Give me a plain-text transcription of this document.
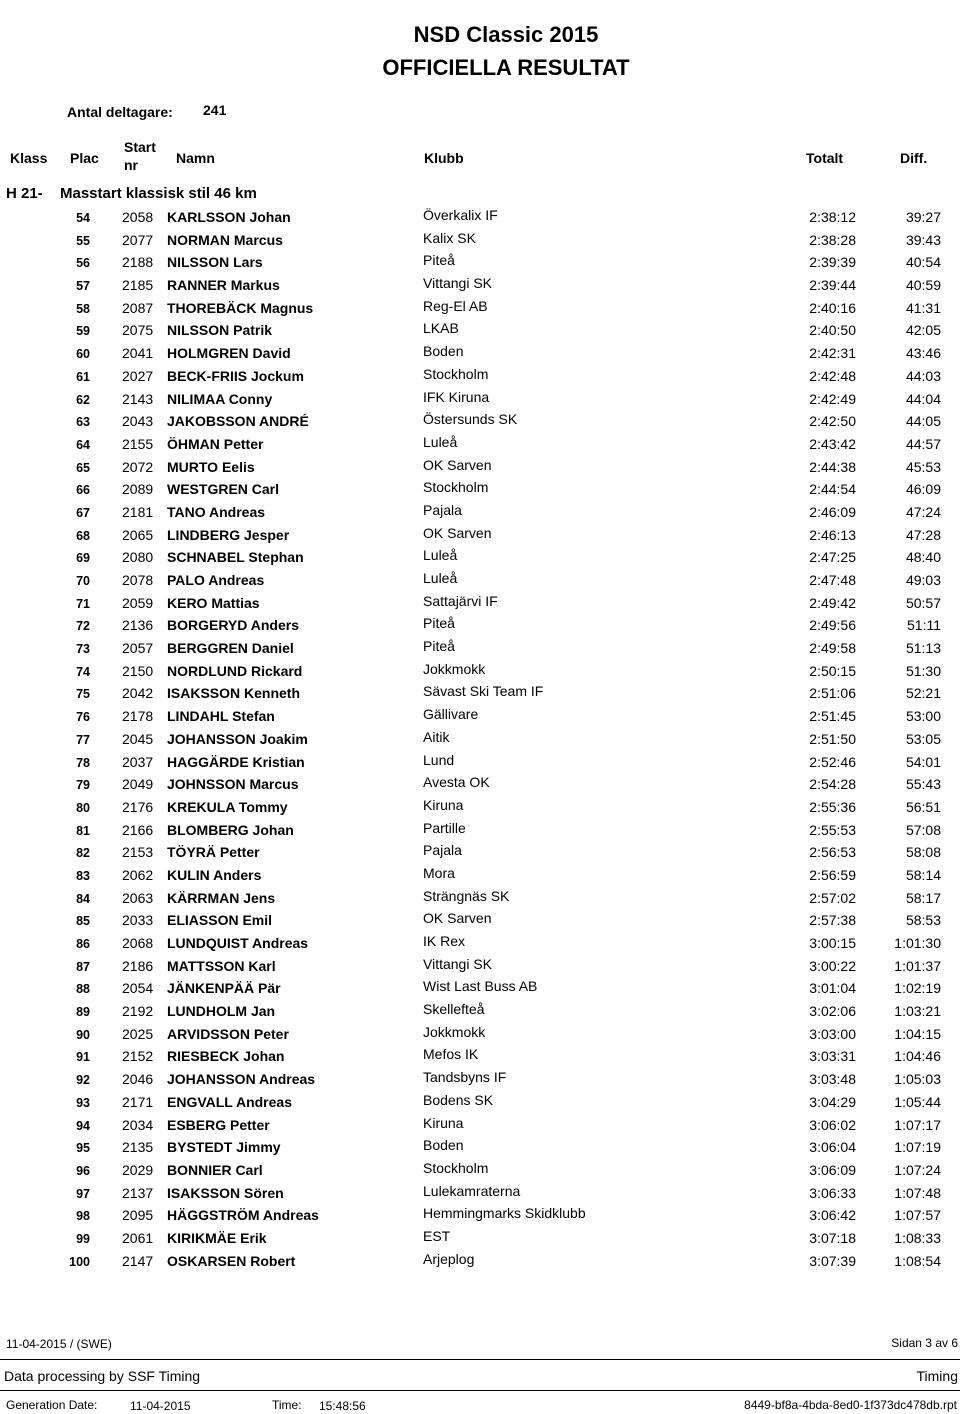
NSD Classic 2015
OFFICIELLA RESULTAT
Antal deltagare: 241
Klass Plac
Start
nr	Namn	Klubb	Totalt	Diff.
H 21- Masstart klassisk stil 46 km
54 2058 KARLSSON Johan	Överkalix IF	2:38:12	39:27
55 2077 NORMAN Marcus	Kalix SK	2:38:28	39:43
56 2188 NILSSON Lars	Piteå	2:39:39	40:54
57 2185 RANNER Markus	Vittangi SK	2:39:44	40:59
58 2087 THOREBÄCK Magnus	Reg-El AB	2:40:16	41:31
59 2075 NILSSON Patrik	LKAB	2:40:50	42:05
60 2041 HOLMGREN David	Boden	2:42:31	43:46
61 2027 BECK-FRIIS Jockum	Stockholm	2:42:48	44:03
62 2143 NILIMAA Conny	IFK Kiruna	2:42:49	44:04
63 2043 JAKOBSSON ANDRÉ	Östersunds SK	2:42:50	44:05
64 2155 ÖHMAN Petter	Luleå	2:43:42	44:57
65 2072 MURTO Eelis	OK Sarven	2:44:38	45:53
66 2089 WESTGREN Carl	Stockholm	2:44:54	46:09
67 2181 TANO Andreas	Pajala	2:46:09	47:24
68 2065 LINDBERG Jesper	OK Sarven	2:46:13	47:28
69 2080 SCHNABEL Stephan	Luleå	2:47:25	48:40
70 2078 PALO Andreas	Luleå	2:47:48	49:03
71 2059 KERO Mattias	Sattajärvi IF	2:49:42	50:57
72 2136 BORGERYD Anders	Piteå	2:49:56	51:11
73 2057 BERGGREN Daniel	Piteå	2:49:58	51:13
74 2150 NORDLUND Rickard	Jokkmokk	2:50:15	51:30
75 2042 ISAKSSON Kenneth	Sävast Ski Team IF	2:51:06	52:21
76 2178 LINDAHL Stefan	Gällivare	2:51:45	53:00
77 2045 JOHANSSON Joakim	Aitik	2:51:50	53:05
78 2037 HAGGÄRDE Kristian	Lund	2:52:46	54:01
79 2049 JOHNSSON Marcus	Avesta OK	2:54:28	55:43
80 2176 KREKULA Tommy	Kiruna	2:55:36	56:51
81 2166 BLOMBERG Johan	Partille	2:55:53	57:08
82 2153 TÖYRÄ Petter	Pajala	2:56:53	58:08
83 2062 KULIN Anders	Mora	2:56:59	58:14
84 2063 KÄRRMAN Jens	Strängnäs SK	2:57:02	58:17
85 2033 ELIASSON Emil	OK Sarven	2:57:38	58:53
86 2068 LUNDQUIST Andreas	IK Rex	3:00:15	1:01:30
87 2186 MATTSSON Karl	Vittangi SK	3:00:22	1:01:37
88 2054 JÄNKENPÄÄ Pär	Wist Last Buss AB	3:01:04	1:02:19
89 2192 LUNDHOLM Jan	Skellefteå	3:02:06	1:03:21
90 2025 ARVIDSSON Peter	Jokkmokk	3:03:00	1:04:15
91 2152 RIESBECK Johan	Mefos IK	3:03:31	1:04:46
92 2046 JOHANSSON Andreas	Tandsbyns IF	3:03:48	1:05:03
93 2171 ENGVALL Andreas	Bodens SK	3:04:29	1:05:44
94 2034 ESBERG Petter	Kiruna	3:06:02	1:07:17
95 2135 BYSTEDT Jimmy	Boden	3:06:04	1:07:19
96 2029 BONNIER Carl	Stockholm	3:06:09	1:07:24
97 2137 ISAKSSON Sören	Lulekamraterna	3:06:33	1:07:48
98 2095 HÄGGSTRÖM Andreas	Hemmingmarks Skidklubb	3:06:42	1:07:57
99 2061 KIRIKMÄE Erik	EST	3:07:18	1:08:33
100 2147 OSKARSEN Robert	Arjeplog	3:07:39	1:08:54
11-04-2015 / (SWE)	Sidan 3 av 6
Data processing by SSF Timing	Timing
Generation Date:	11-04-2015	Time: 15:48:56	8449-bf8a-4bda-8ed0-1f373dc478db.rpt
